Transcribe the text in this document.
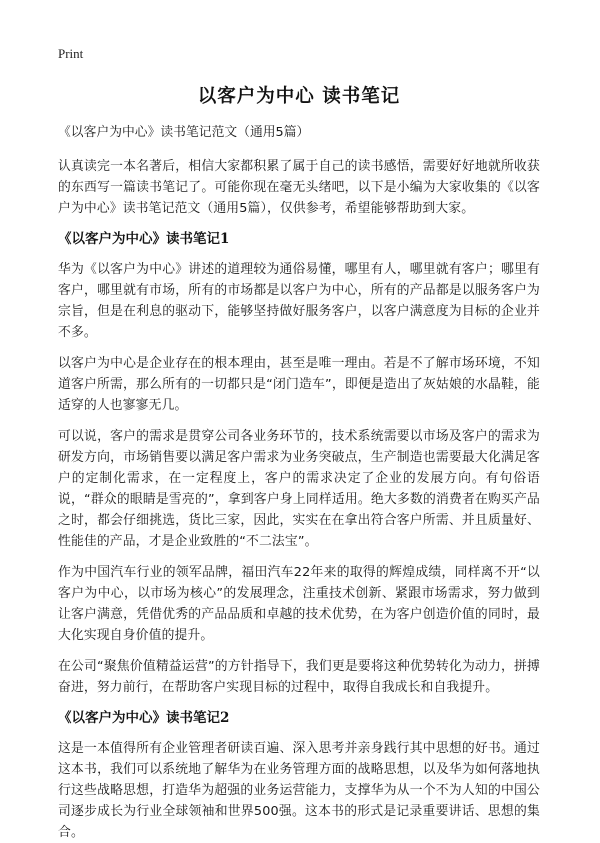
Print
以客户为中心 读书笔记
《以客户为中心》读书笔记范文（通用5篇）

认真读完一本名著后，相信大家都积累了属于自己的读书感悟，需要好好地就所收获的东西写一篇读书笔记了。可能你现在毫无头绪吧，以下是小编为大家收集的《以客户为中心》读书笔记范文（通用5篇），仅供参考，希望能够帮助到大家。

《以客户为中心》读书笔记1

华为《以客户为中心》讲述的道理较为通俗易懂，哪里有人，哪里就有客户；哪里有客户，哪里就有市场，所有的市场都是以客户为中心，所有的产品都是以服务客户为宗旨，但是在利息的驱动下，能够坚持做好服务客户，以客户满意度为目标的企业并不多。

以客户为中心是企业存在的根本理由，甚至是唯一理由。若是不了解市场环境，不知道客户所需，那么所有的一切都只是“闭门造车”，即便是造出了灰姑娘的水晶鞋，能适穿的人也寥寥无几。

可以说，客户的需求是贯穿公司各业务环节的，技术系统需要以市场及客户的需求为研发方向，市场销售要以满足客户需求为业务突破点，生产制造也需要最大化满足客户的定制化需求，在一定程度上，客户的需求决定了企业的发展方向。有句俗语说，“群众的眼睛是雪亮的”，拿到客户身上同样适用。绝大多数的消费者在购买产品之时，都会仔细挑选，货比三家，因此，实实在在拿出符合客户所需、并且质量好、性能佳的产品，才是企业致胜的“不二法宝”。

作为中国汽车行业的领军品牌，福田汽车22年来的取得的辉煌成绩，同样离不开“以客户为中心，以市场为核心”的发展理念，注重技术创新、紧跟市场需求，努力做到让客户满意，凭借优秀的产品品质和卓越的技术优势，在为客户创造价值的同时，最大化实现自身价值的提升。

在公司“聚焦价值精益运营”的方针指导下，我们更是要将这种优势转化为动力，拼搏奋进，努力前行，在帮助客户实现目标的过程中，取得自我成长和自我提升。

《以客户为中心》读书笔记2

这是一本值得所有企业管理者研读百遍、深入思考并亲身践行其中思想的好书。通过这本书，我们可以系统地了解华为在业务管理方面的战略思想，以及华为如何落地执行这些战略思想，打造华为超强的业务运营能力，支撑华为从一个不为人知的中国公司逐步成长为行业全球领袖和世界500强。这本书的形式是记录重要讲话、思想的集合。
